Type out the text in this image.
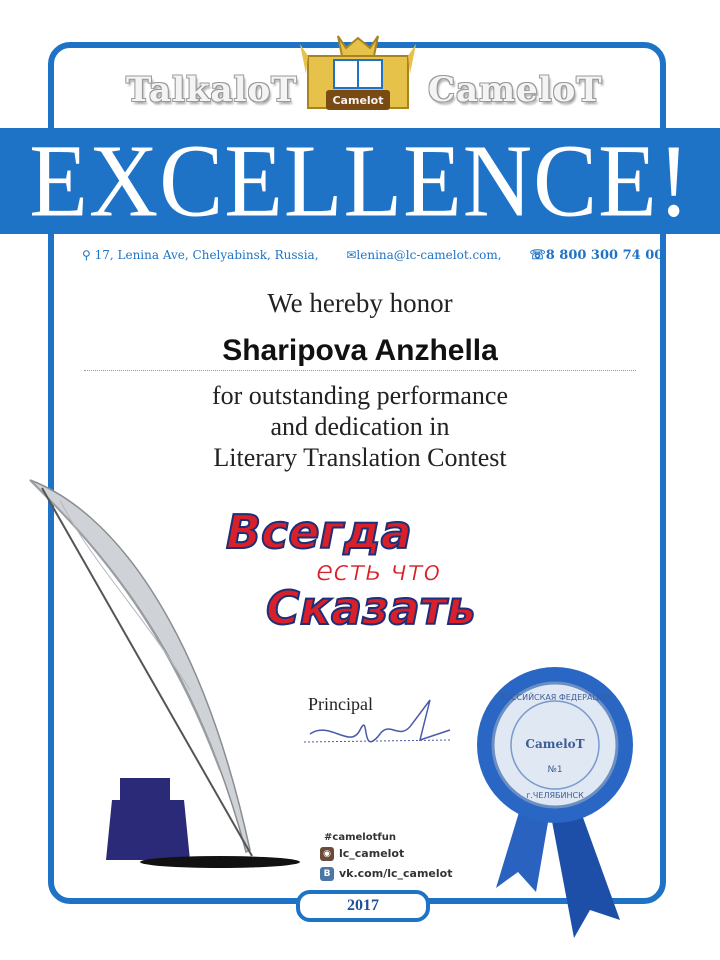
EXCELLENCE!
Camelot
TalkaloT	CameloT
⚲ 17, Lenina Ave, Chelyabinsk, Russia, ✉lenina@lc-camelot.com, ☏8 800 300 74 00
We hereby honor
Sharipova Anzhella
for outstanding performance
and dedication in
Literary Translation Contest
Всегда
есть что
Сказать
Principal	РОССИЙСКАЯ ФЕДЕРАЦИЯ
CameloT
№1
г.ЧЕЛЯБИНСК
#camelotfun
◉ lc_camelot
В vk.com/lc_camelot
2017
